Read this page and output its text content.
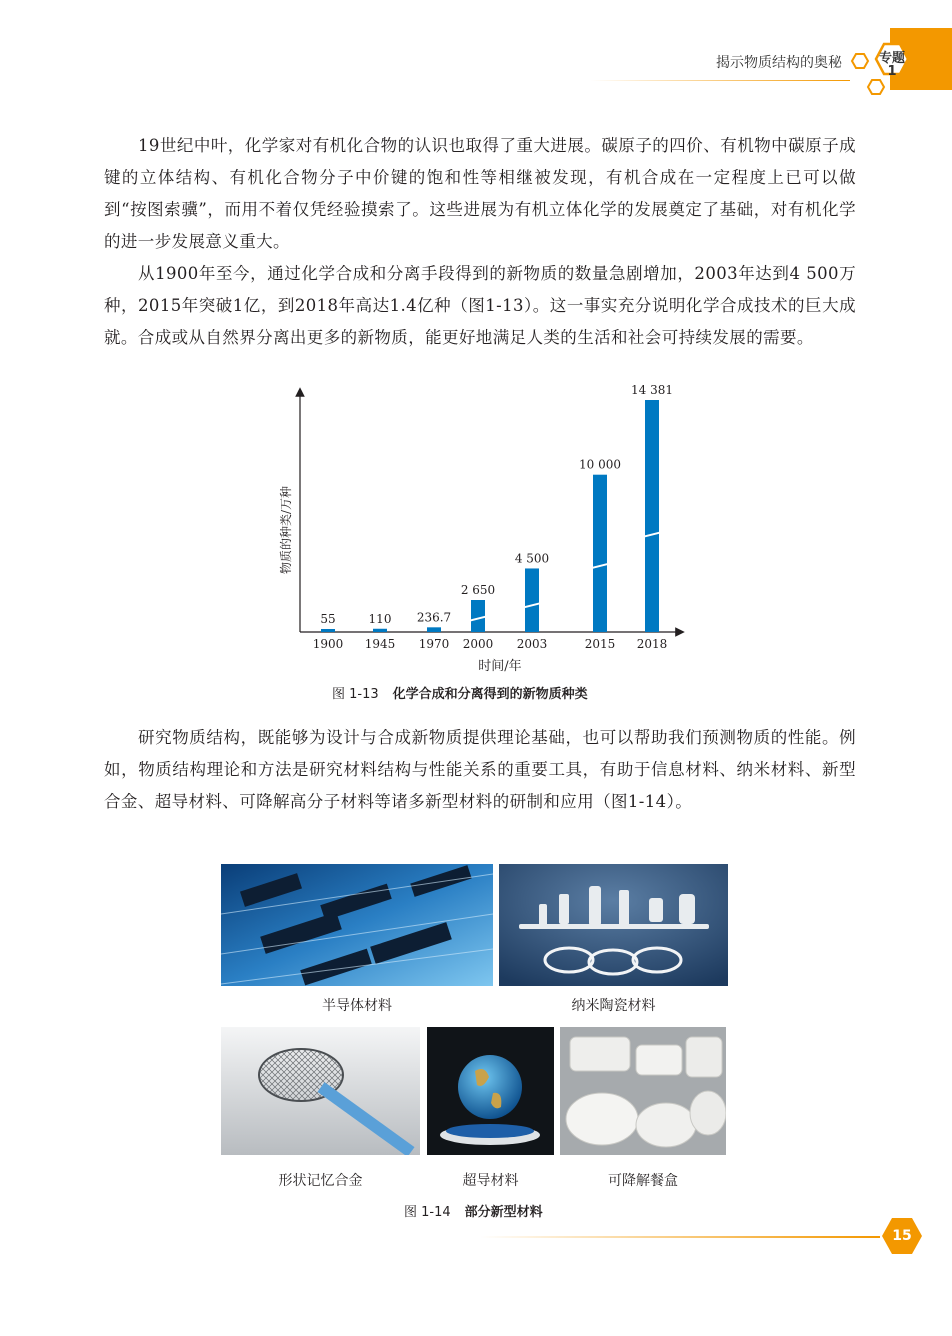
揭示物质结构的奥秘	专题
1

19世纪中叶，化学家对有机化合物的认识也取得了重大进展。碳原子的四价、有机物中碳原子成键的立体结构、有机化合物分子中价键的饱和性等相继被发现，有机合成在一定程度上已可以做到“按图索骥”，而用不着仅凭经验摸索了。这些进展为有机立体化学的发展奠定了基础，对有机化学的进一步发展意义重大。

从1900年至今，通过化学合成和分离手段得到的新物质的数量急剧增加，2003年达到4 500万种，2015年突破1亿，到2018年高达1.4亿种（图1-13）。这一事实充分说明化学合成技术的巨大成就。合成或从自然界分离出更多的新物质，能更好地满足人类的生活和社会可持续发展的需要。

55
1900
110
1945
236.7
1970
2 650
2000
4 500
2003
10 000
2015
14 381
2018
物质的种类/万种
时间/年
图 1-13 化学合成和分离得到的新物质种类

研究物质结构，既能够为设计与合成新物质提供理论基础，也可以帮助我们预测物质的性能。例如，物质结构理论和方法是研究材料结构与性能关系的重要工具，有助于信息材料、纳米材料、新型合金、超导材料、可降解高分子材料等诸多新型材料的研制和应用（图1-14）。

半导体材料	纳米陶瓷材料
形状记忆合金	超导材料	可降解餐盒
图 1-14 部分新型材料
15
